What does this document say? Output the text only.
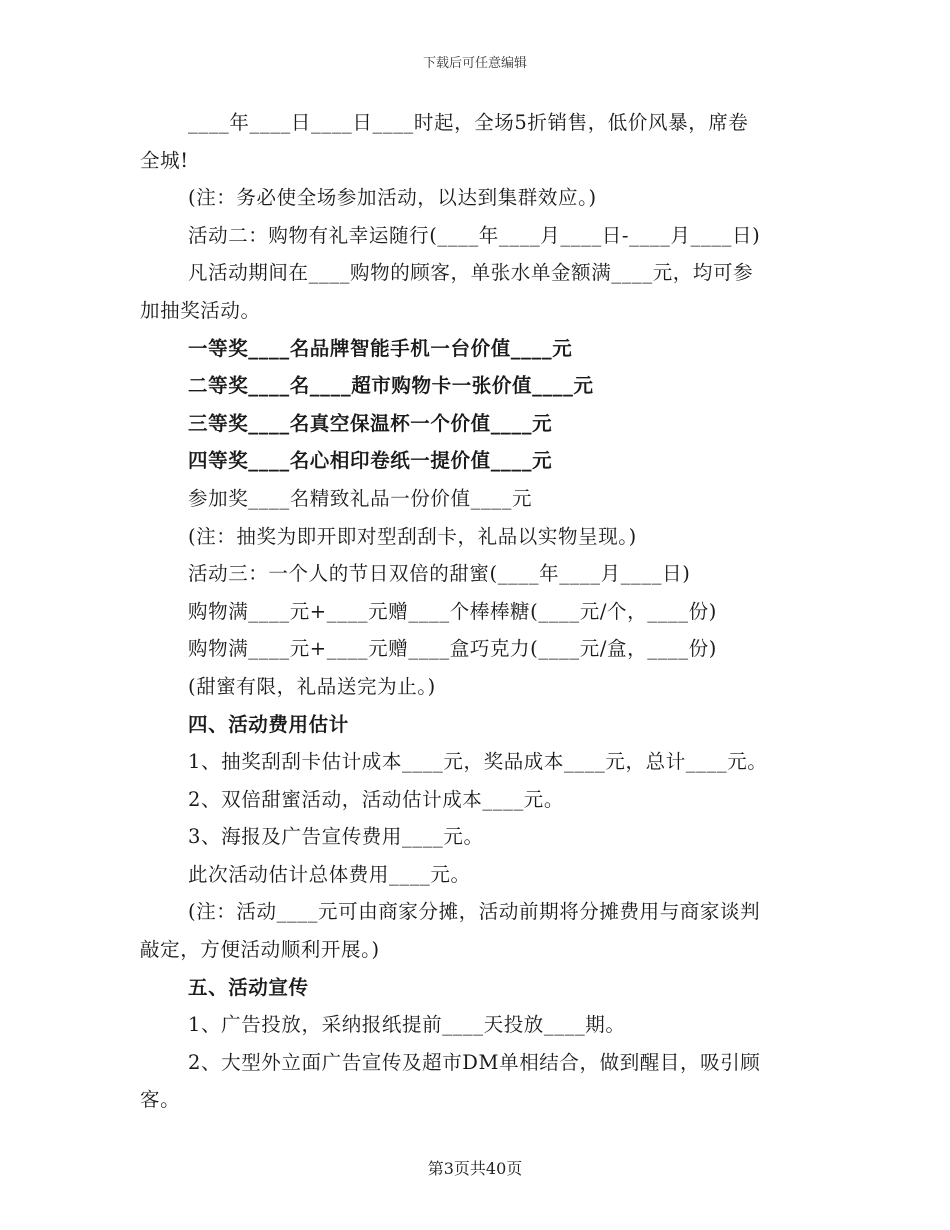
下载后可任意编辑
____年____日____日____时起，全场5折销售，低价风暴，席卷
全城!
(注：务必使全场参加活动，以达到集群效应。)
活动二：购物有礼幸运随行(____年____月____日-____月____日)
凡活动期间在____购物的顾客，单张水单金额满____元，均可参
加抽奖活动。
一等奖____名品牌智能手机一台价值____元
二等奖____名____超市购物卡一张价值____元
三等奖____名真空保温杯一个价值____元
四等奖____名心相印卷纸一提价值____元
参加奖____名精致礼品一份价值____元
(注：抽奖为即开即对型刮刮卡，礼品以实物呈现。)
活动三：一个人的节日双倍的甜蜜(____年____月____日)
购物满____元+____元赠____个棒棒糖(____元/个，____份)
购物满____元+____元赠____盒巧克力(____元/盒，____份)
(甜蜜有限，礼品送完为止。)
四、活动费用估计
1、抽奖刮刮卡估计成本____元，奖品成本____元，总计____元。
2、双倍甜蜜活动，活动估计成本____元。
3、海报及广告宣传费用____元。
此次活动估计总体费用____元。
(注：活动____元可由商家分摊，活动前期将分摊费用与商家谈判
敲定，方便活动顺利开展。)
五、活动宣传
1、广告投放，采纳报纸提前____天投放____期。
2、大型外立面广告宣传及超市DM单相结合，做到醒目，吸引顾
客。
第3页共40页
